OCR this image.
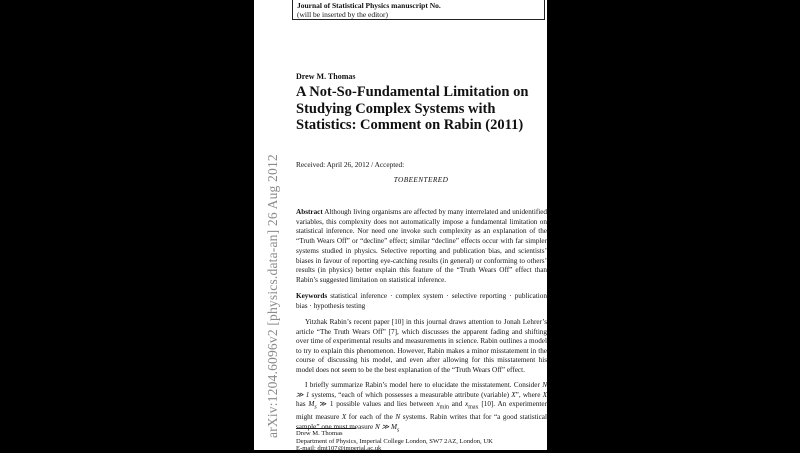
arXiv:1204.6096v2 [physics.data-an] 26 Aug 2012
Journal of Statistical Physics manuscript No.
(will be inserted by the editor)
Drew M. Thomas
A Not-So-Fundamental Limitation on Studying Complex Systems with Statistics: Comment on Rabin (2011)
Received: April 26, 2012 / Accepted:
TOBEENTERED
Abstract Although living organisms are affected by many interrelated and unidentified variables, this complexity does not automatically impose a fundamental limitation on statistical inference. Nor need one invoke such complexity as an explanation of the “Truth Wears Off” or “decline” effect; similar “decline” effects occur with far simpler systems studied in physics. Selective reporting and publication bias, and scientists’ biases in favour of reporting eye-catching results (in general) or conforming to others’ results (in physics) better explain this feature of the “Truth Wears Off” effect than Rabin’s suggested limitation on statistical inference.
Keywords statistical inference · complex system · selective reporting · publication bias · hypothesis testing
Yitzhak Rabin’s recent paper [10] in this journal draws attention to Jonah Lehrer’s article “The Truth Wears Off” [7], which discusses the apparent fading and shifting over time of experimental results and measurements in science. Rabin outlines a model to try to explain this phenomenon. However, Rabin makes a minor misstatement in the course of discussing his model, and even after allowing for this misstatement his model does not seem to be the best explanation of the “Truth Wears Off” effect.
I briefly summarize Rabin’s model here to elucidate the misstatement. Consider N ≫ 1 systems, “each of which possesses a measurable attribute (variable) X”, where X has $M_s$ ≫ 1 possible values and lies between $x_{min}$ and $x_{max}$ [10]. An experimenter might measure X for each of the N systems. Rabin writes that for “a good statistical sample” one must measure N ≫ $M_s$
Drew M. Thomas
Department of Physics, Imperial College London, SW7 2AZ, London, UK
E-mail: dmt107@imperial.ac.uk
